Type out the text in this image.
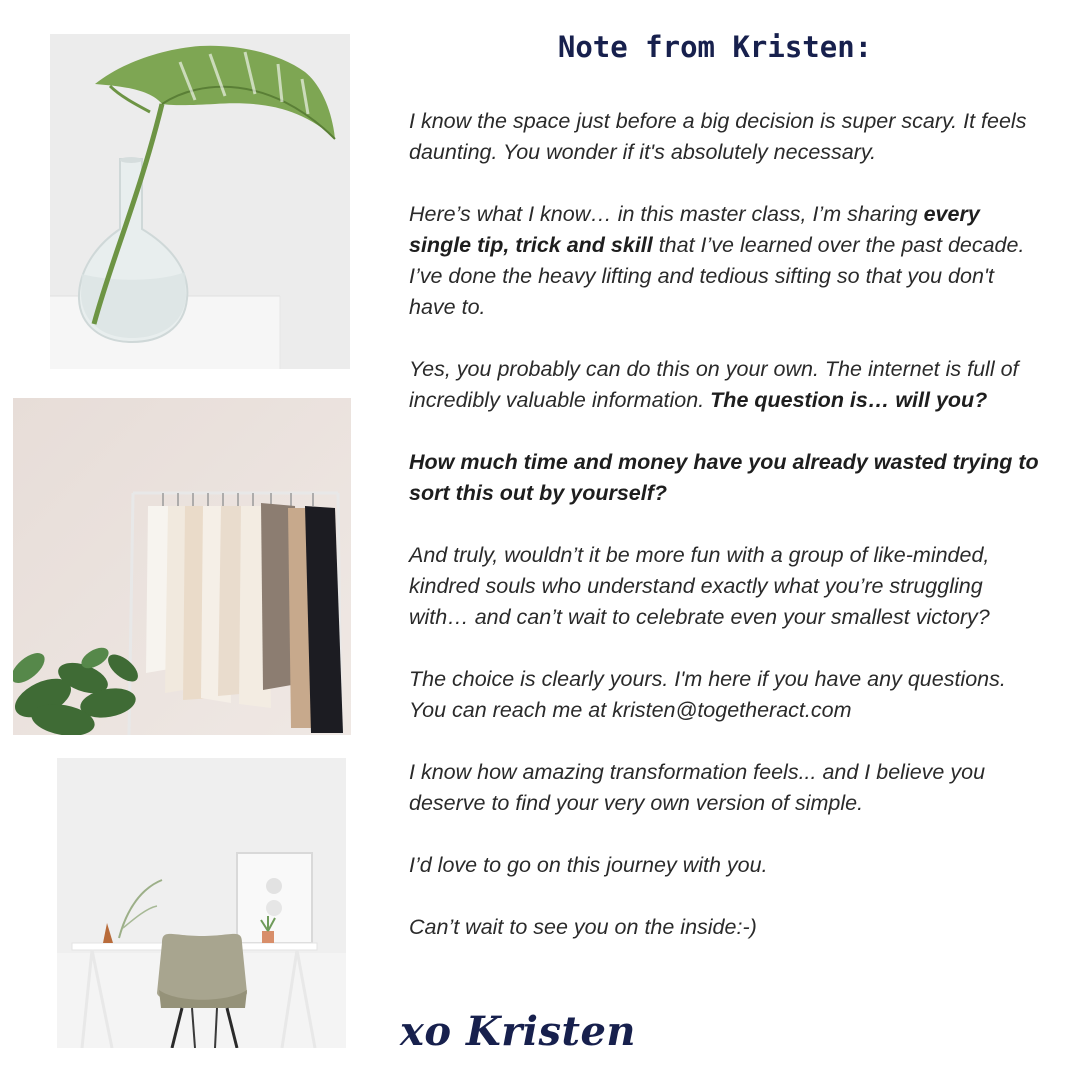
Note from Kristen:

I know the space just before a big decision is super scary. It feels daunting. You wonder if it's absolutely necessary.

Here’s what I know… in this master class, I’m sharing every single tip, trick and skill that I’ve learned over the past decade. I’ve done the heavy lifting and tedious sifting so that you don't have to.

Yes, you probably can do this on your own. The internet is full of incredibly valuable information. The question is… will you?

How much time and money have you already wasted trying to sort this out by yourself?

And truly, wouldn’t it be more fun with a group of like-minded, kindred souls who understand exactly what you’re struggling with… and can’t wait to celebrate even your smallest victory?

The choice is clearly yours. I'm here if you have any questions. You can reach me at kristen@togetheract.com

I know how amazing transformation feels... and I believe you deserve to find your very own version of simple.

I’d love to go on this journey with you.

Can’t wait to see you on the inside:-)

xo Kristen
